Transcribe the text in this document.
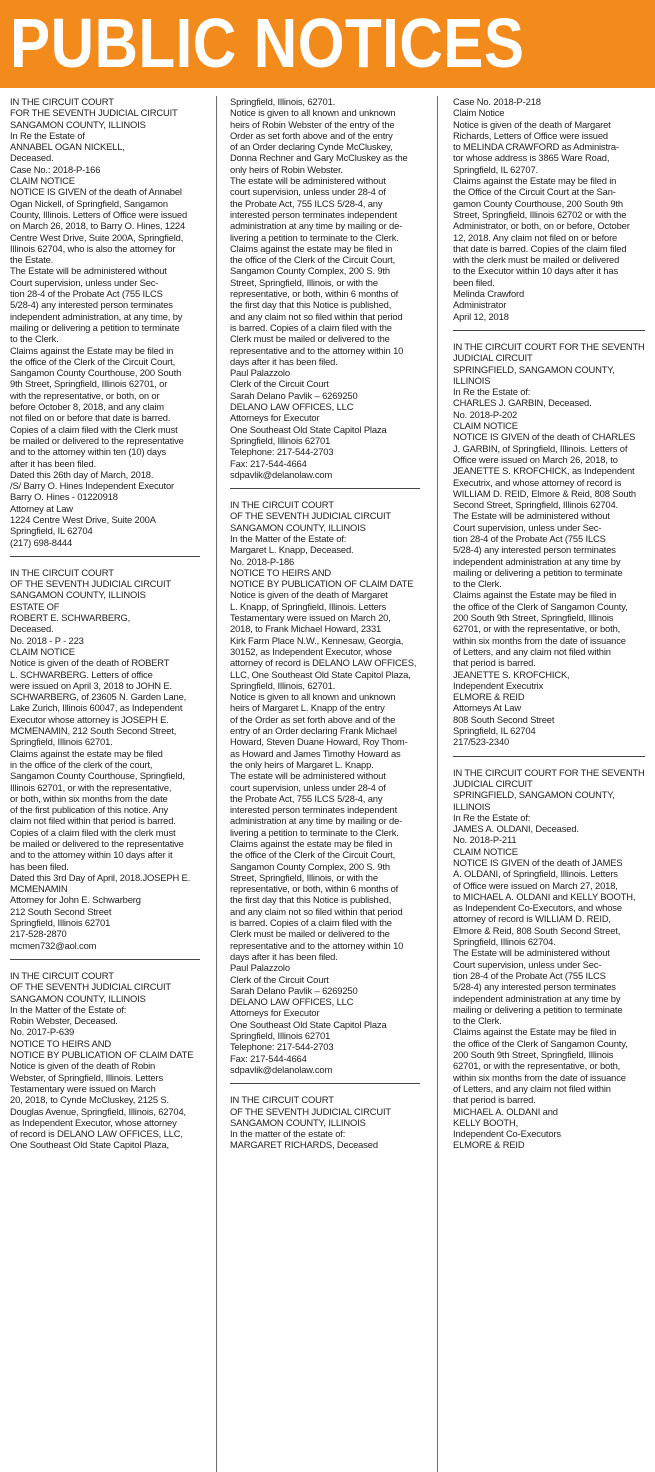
PUBLIC NOTICES

IN THE CIRCUIT COURT
FOR THE SEVENTH JUDICIAL CIRCUIT
SANGAMON COUNTY, ILLINOIS
In Re the Estate of
ANNABEL OGAN NICKELL,
Deceased.
Case No.: 2018-P-166
CLAIM NOTICE
NOTICE IS GIVEN of the death of Annabel
Ogan Nickell, of Springfield, Sangamon
County, Illinois. Letters of Office were issued
on March 26, 2018, to Barry O. Hines, 1224
Centre West Drive, Suite 200A, Springfield,
Illinois 62704, who is also the attorney for
the Estate.
The Estate will be administered without
Court supervision, unless under Sec-
tion 28-4 of the Probate Act (755 ILCS
5/28-4) any interested person terminates
independent administration, at any time, by
mailing or delivering a petition to terminate
to the Clerk.
Claims against the Estate may be filed in
the office of the Clerk of the Circuit Court,
Sangamon County Courthouse, 200 South
9th Street, Springfield, Illinois 62701, or
with the representative, or both, on or
before October 8, 2018, and any claim
not filed on or before that date is barred.
Copies of a claim filed with the Clerk must
be mailed or delivered to the representative
and to the attorney within ten (10) days
after it has been filed.
Dated this 26th day of March, 2018.
/S/ Barry O. Hines Independent Executor
Barry O. Hines - 01220918
Attorney at Law
1224 Centre West Drive, Suite 200A
Springfield, IL 62704
(217) 698-8444

IN THE CIRCUIT COURT
OF THE SEVENTH JUDICIAL CIRCUIT
SANGAMON COUNTY, ILLINOIS
ESTATE OF
ROBERT E. SCHWARBERG,
Deceased.
No. 2018 - P - 223
CLAIM NOTICE
Notice is given of the death of ROBERT
L. SCHWARBERG. Letters of office
were issued on April 3, 2018 to JOHN E.
SCHWARBERG, of 23605 N. Garden Lane,
Lake Zurich, Illinois 60047, as Independent
Executor whose attorney is JOSEPH E.
MCMENAMIN, 212 South Second Street,
Springfield, Illinois 62701.
Claims against the estate may be filed
in the office of the clerk of the court,
Sangamon County Courthouse, Springfield,
Illinois 62701, or with the representative,
or both, within six months from the date
of the first publication of this notice. Any
claim not filed within that period is barred.
Copies of a claim filed with the clerk must
be mailed or delivered to the representative
and to the attorney within 10 days after it
has been filed.
Dated this 3rd Day of April, 2018.JOSEPH E.
MCMENAMIN
Attorney for John E. Schwarberg
212 South Second Street
Springfield, Illinois 62701
217-528-2870
mcmen732@aol.com

IN THE CIRCUIT COURT
OF THE SEVENTH JUDICIAL CIRCUIT
SANGAMON COUNTY, ILLINOIS
In the Matter of the Estate of:
Robin Webster, Deceased.
No. 2017-P-639
NOTICE TO HEIRS AND
NOTICE BY PUBLICATION OF CLAIM DATE
Notice is given of the death of Robin
Webster, of Springfield, Illinois. Letters
Testamentary were issued on March
20, 2018, to Cynde McCluskey, 2125 S.
Douglas Avenue, Springfield, Illinois, 62704,
as Independent Executor, whose attorney
of record is DELANO LAW OFFICES, LLC,
One Southeast Old State Capitol Plaza,

Springfield, Illinois, 62701.
Notice is given to all known and unknown
heirs of Robin Webster of the entry of the
Order as set forth above and of the entry
of an Order declaring Cynde McCluskey,
Donna Rechner and Gary McCluskey as the
only heirs of Robin Webster.
The estate will be administered without
court supervision, unless under 28-4 of
the Probate Act, 755 ILCS 5/28-4, any
interested person terminates independent
administration at any time by mailing or de-
livering a petition to terminate to the Clerk.
Claims against the estate may be filed in
the office of the Clerk of the Circuit Court,
Sangamon County Complex, 200 S. 9th
Street, Springfield, Illinois, or with the
representative, or both, within 6 months of
the first day that this Notice is published,
and any claim not so filed within that period
is barred. Copies of a claim filed with the
Clerk must be mailed or delivered to the
representative and to the attorney within 10
days after it has been filed.
Paul Palazzolo
Clerk of the Circuit Court
Sarah Delano Pavlik – 6269250
DELANO LAW OFFICES, LLC
Attorneys for Executor
One Southeast Old State Capitol Plaza
Springfield, Illinois 62701
Telephone: 217-544-2703
Fax: 217-544-4664
sdpavlik@delanolaw.com

IN THE CIRCUIT COURT
OF THE SEVENTH JUDICIAL CIRCUIT
SANGAMON COUNTY, ILLINOIS
In the Matter of the Estate of:
Margaret L. Knapp, Deceased.
No. 2018-P-186
NOTICE TO HEIRS AND
NOTICE BY PUBLICATION OF CLAIM DATE
Notice is given of the death of Margaret
L. Knapp, of Springfield, Illinois. Letters
Testamentary were issued on March 20,
2018, to Frank Michael Howard, 2331
Kirk Farm Place N.W., Kennesaw, Georgia,
30152, as Independent Executor, whose
attorney of record is DELANO LAW OFFICES,
LLC, One Southeast Old State Capitol Plaza,
Springfield, Illinois, 62701.
Notice is given to all known and unknown
heirs of Margaret L. Knapp of the entry
of the Order as set forth above and of the
entry of an Order declaring Frank Michael
Howard, Steven Duane Howard, Roy Thom-
as Howard and James Timothy Howard as
the only heirs of Margaret L. Knapp.
The estate will be administered without
court supervision, unless under 28-4 of
the Probate Act, 755 ILCS 5/28-4, any
interested person terminates independent
administration at any time by mailing or de-
livering a petition to terminate to the Clerk.
Claims against the estate may be filed in
the office of the Clerk of the Circuit Court,
Sangamon County Complex, 200 S. 9th
Street, Springfield, Illinois, or with the
representative, or both, within 6 months of
the first day that this Notice is published,
and any claim not so filed within that period
is barred. Copies of a claim filed with the
Clerk must be mailed or delivered to the
representative and to the attorney within 10
days after it has been filed.
Paul Palazzolo
Clerk of the Circuit Court
Sarah Delano Pavlik – 6269250
DELANO LAW OFFICES, LLC
Attorneys for Executor
One Southeast Old State Capitol Plaza
Springfield, Illinois 62701
Telephone: 217-544-2703
Fax: 217-544-4664
sdpavlik@delanolaw.com

IN THE CIRCUIT COURT
OF THE SEVENTH JUDICIAL CIRCUIT
SANGAMON COUNTY, ILLINOIS
In the matter of the estate of:
MARGARET RICHARDS, Deceased

Case No. 2018-P-218
Claim Notice
Notice is given of the death of Margaret
Richards, Letters of Office were issued
to MELINDA CRAWFORD as Administra-
tor whose address is 3865 Ware Road,
Springfield, IL 62707.
Claims against the Estate may be filed in
the Office of the Circuit Court at the San-
gamon County Courthouse, 200 South 9th
Street, Springfield, Illinois 62702 or with the
Administrator, or both, on or before, October
12, 2018. Any claim not filed on or before
that date is barred. Copies of the claim filed
with the clerk must be mailed or delivered
to the Executor within 10 days after it has
been filed.
Melinda Crawford
Administrator
April 12, 2018

IN THE CIRCUIT COURT FOR THE SEVENTH
JUDICIAL CIRCUIT
SPRINGFIELD, SANGAMON COUNTY,
ILLINOIS
In Re the Estate of:
CHARLES J. GARBIN, Deceased.
No. 2018-P-202
CLAIM NOTICE
NOTICE IS GIVEN of the death of CHARLES
J. GARBIN, of Springfield, Illinois. Letters of
Office were issued on March 26, 2018, to
JEANETTE S. KROFCHICK, as Independent
Executrix, and whose attorney of record is
WILLIAM D. REID, Elmore & Reid, 808 South
Second Street, Springfield, Illinois 62704.
The Estate will be administered without
Court supervision, unless under Sec-
tion 28-4 of the Probate Act (755 ILCS
5/28-4) any interested person terminates
independent administration at any time by
mailing or delivering a petition to terminate
to the Clerk.
Claims against the Estate may be filed in
the office of the Clerk of Sangamon County,
200 South 9th Street, Springfield, Illinois
62701, or with the representative, or both,
within six months from the date of issuance
of Letters, and any claim not filed within
that period is barred.
JEANETTE S. KROFCHICK,
Independent Executrix
ELMORE & REID
Attorneys At Law
808 South Second Street
Springfield, IL 62704
217/523-2340

IN THE CIRCUIT COURT FOR THE SEVENTH
JUDICIAL CIRCUIT
SPRINGFIELD, SANGAMON COUNTY,
ILLINOIS
In Re the Estate of:
JAMES A. OLDANI, Deceased.
No. 2018-P-211
CLAIM NOTICE
NOTICE IS GIVEN of the death of JAMES
A. OLDANI, of Springfield, Illinois. Letters
of Office were issued on March 27, 2018,
to MICHAEL A. OLDANI and KELLY BOOTH,
as Independent Co-Executors, and whose
attorney of record is WILLIAM D. REID,
Elmore & Reid, 808 South Second Street,
Springfield, Illinois 62704.
The Estate will be administered without
Court supervision, unless under Sec-
tion 28-4 of the Probate Act (755 ILCS
5/28-4) any interested person terminates
independent administration at any time by
mailing or delivering a petition to terminate
to the Clerk.
Claims against the Estate may be filed in
the office of the Clerk of Sangamon County,
200 South 9th Street, Springfield, Illinois
62701, or with the representative, or both,
within six months from the date of issuance
of Letters, and any claim not filed within
that period is barred.
MICHAEL A. OLDANI and
KELLY BOOTH,
Independent Co-Executors
ELMORE & REID
